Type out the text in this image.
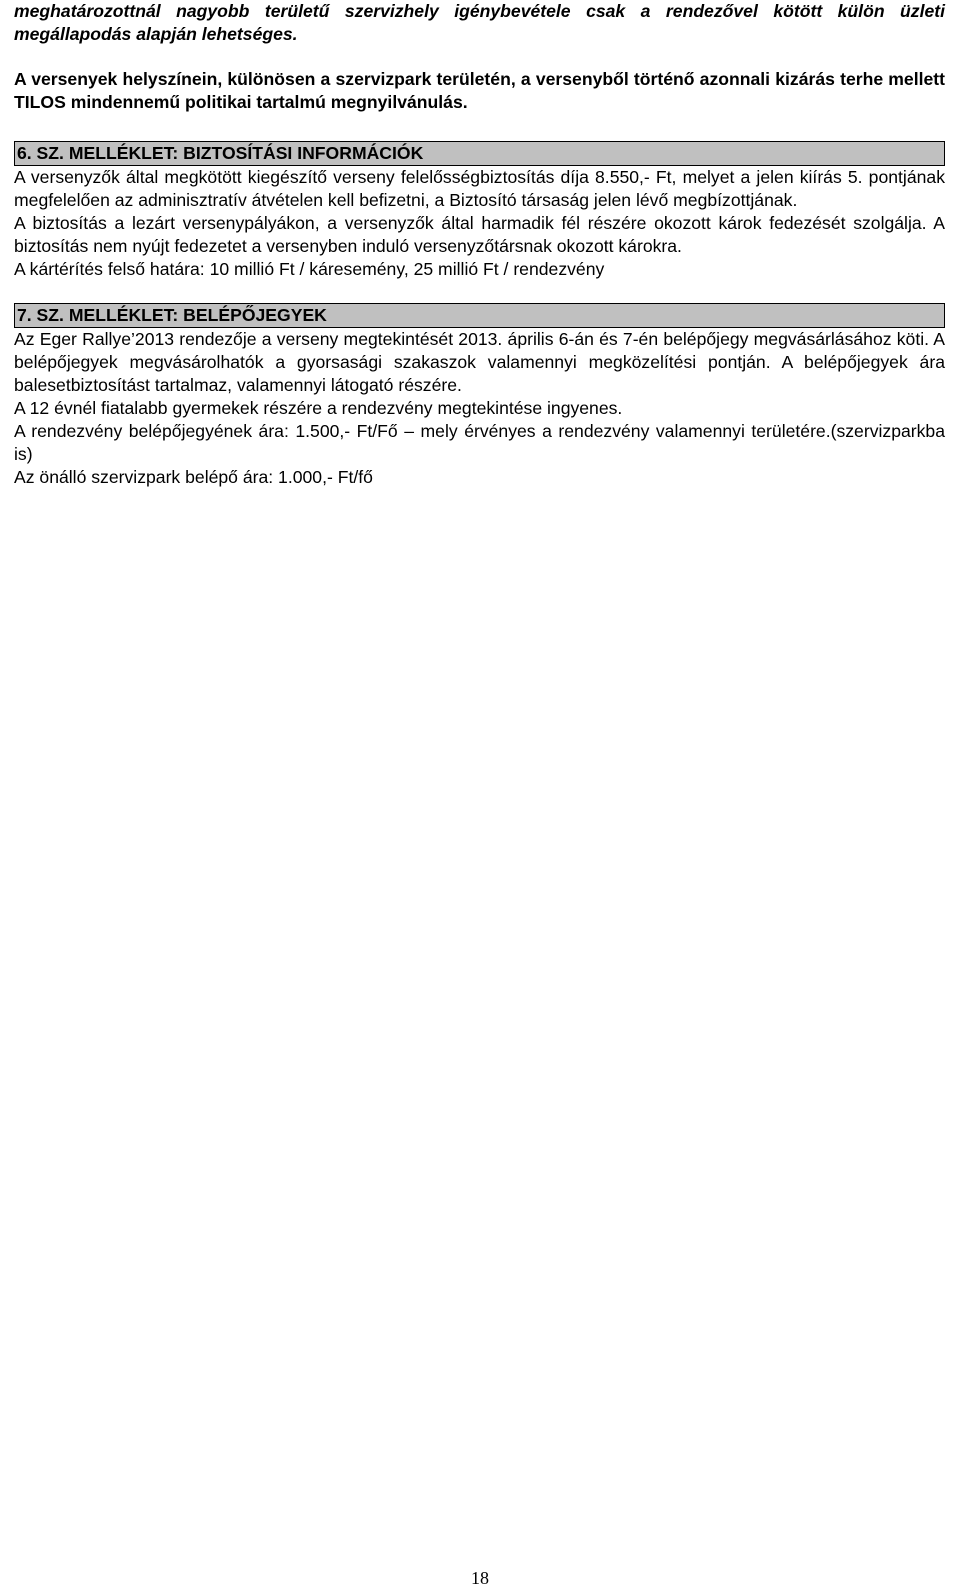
meghatározottnál nagyobb területű szervizhely igénybevétele csak a rendezővel kötött külön üzleti megállapodás alapján lehetséges.

A versenyek helyszínein, különösen a szervizpark területén, a versenyből történő azonnali kizárás terhe mellett TILOS mindennemű politikai tartalmú megnyilvánulás.

6. SZ. MELLÉKLET: BIZTOSÍTÁSI INFORMÁCIÓK

A versenyzők által megkötött kiegészítő verseny felelősségbiztosítás díja 8.550,- Ft, melyet a jelen kiírás 5. pontjának megfelelően az adminisztratív átvételen kell befizetni, a Biztosító társaság jelen lévő megbízottjának.

A biztosítás a lezárt versenypályákon, a versenyzők által harmadik fél részére okozott károk fedezését szolgálja. A biztosítás nem nyújt fedezetet a versenyben induló versenyzőtársnak okozott károkra.

A kártérítés felső határa: 10 millió Ft / káresemény, 25 millió Ft / rendezvény

7. SZ. MELLÉKLET: BELÉPŐJEGYEK

Az Eger Rallye’2013 rendezője a verseny megtekintését 2013. április 6-án és 7-én belépőjegy megvásárlásához köti. A belépőjegyek megvásárolhatók a gyorsasági szakaszok valamennyi megközelítési pontján. A belépőjegyek ára balesetbiztosítást tartalmaz, valamennyi látogató részére.

A 12 évnél fiatalabb gyermekek részére a rendezvény megtekintése ingyenes.

A rendezvény belépőjegyének ára: 1.500,- Ft/Fő – mely érvényes a rendezvény valamennyi területére.(szervizparkba is)

Az önálló szervizpark belépő ára: 1.000,- Ft/fő

18
